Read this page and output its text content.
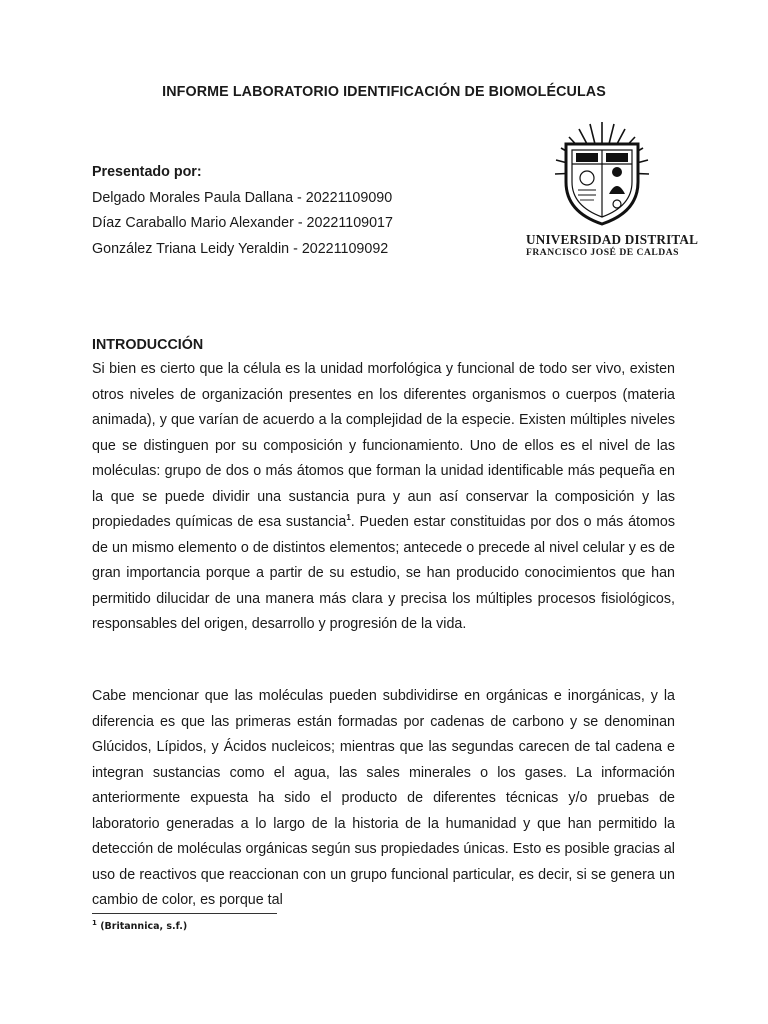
INFORME LABORATORIO IDENTIFICACIÓN DE BIOMOLÉCULAS
Presentado por:
Delgado Morales Paula Dallana - 20221109090
Díaz Caraballo Mario Alexander - 20221109017
González Triana Leidy Yeraldin - 20221109092
UNIVERSIDAD DISTRITAL
FRANCISCO JOSÉ DE CALDAS
INTRODUCCIÓN
Si bien es cierto que la célula es la unidad morfológica y funcional de todo ser vivo, existen otros niveles de organización presentes en los diferentes organismos o cuerpos (materia animada), y que varían de acuerdo a la complejidad de la especie. Existen múltiples niveles que se distinguen por su composición y funcionamiento. Uno de ellos es el nivel de las moléculas: grupo de dos o más átomos que forman la unidad identificable más pequeña en la que se puede dividir una sustancia pura y aun así conservar la composición y las propiedades químicas de esa sustancia$^1$. Pueden estar constituidas por dos o más átomos de un mismo elemento o de distintos elementos; antecede o precede al nivel celular y es de gran importancia porque a partir de su estudio, se han producido conocimientos que han permitido dilucidar de una manera más clara y precisa los múltiples procesos fisiológicos, responsables del origen, desarrollo y progresión de la vida.
Cabe mencionar que las moléculas pueden subdividirse en orgánicas e inorgánicas, y la diferencia es que las primeras están formadas por cadenas de carbono y se denominan Glúcidos, Lípidos, y Ácidos nucleicos; mientras que las segundas carecen de tal cadena e integran sustancias como el agua, las sales minerales o los gases. La información anteriormente expuesta ha sido el producto de diferentes técnicas y/o pruebas de laboratorio generadas a lo largo de la historia de la humanidad y que han permitido la detección de moléculas orgánicas según sus propiedades únicas. Esto es posible gracias al uso de reactivos que reaccionan con un grupo funcional particular, es decir, si se genera un cambio de color, es porque tal
$^1$ (Britannica, s.f.)
